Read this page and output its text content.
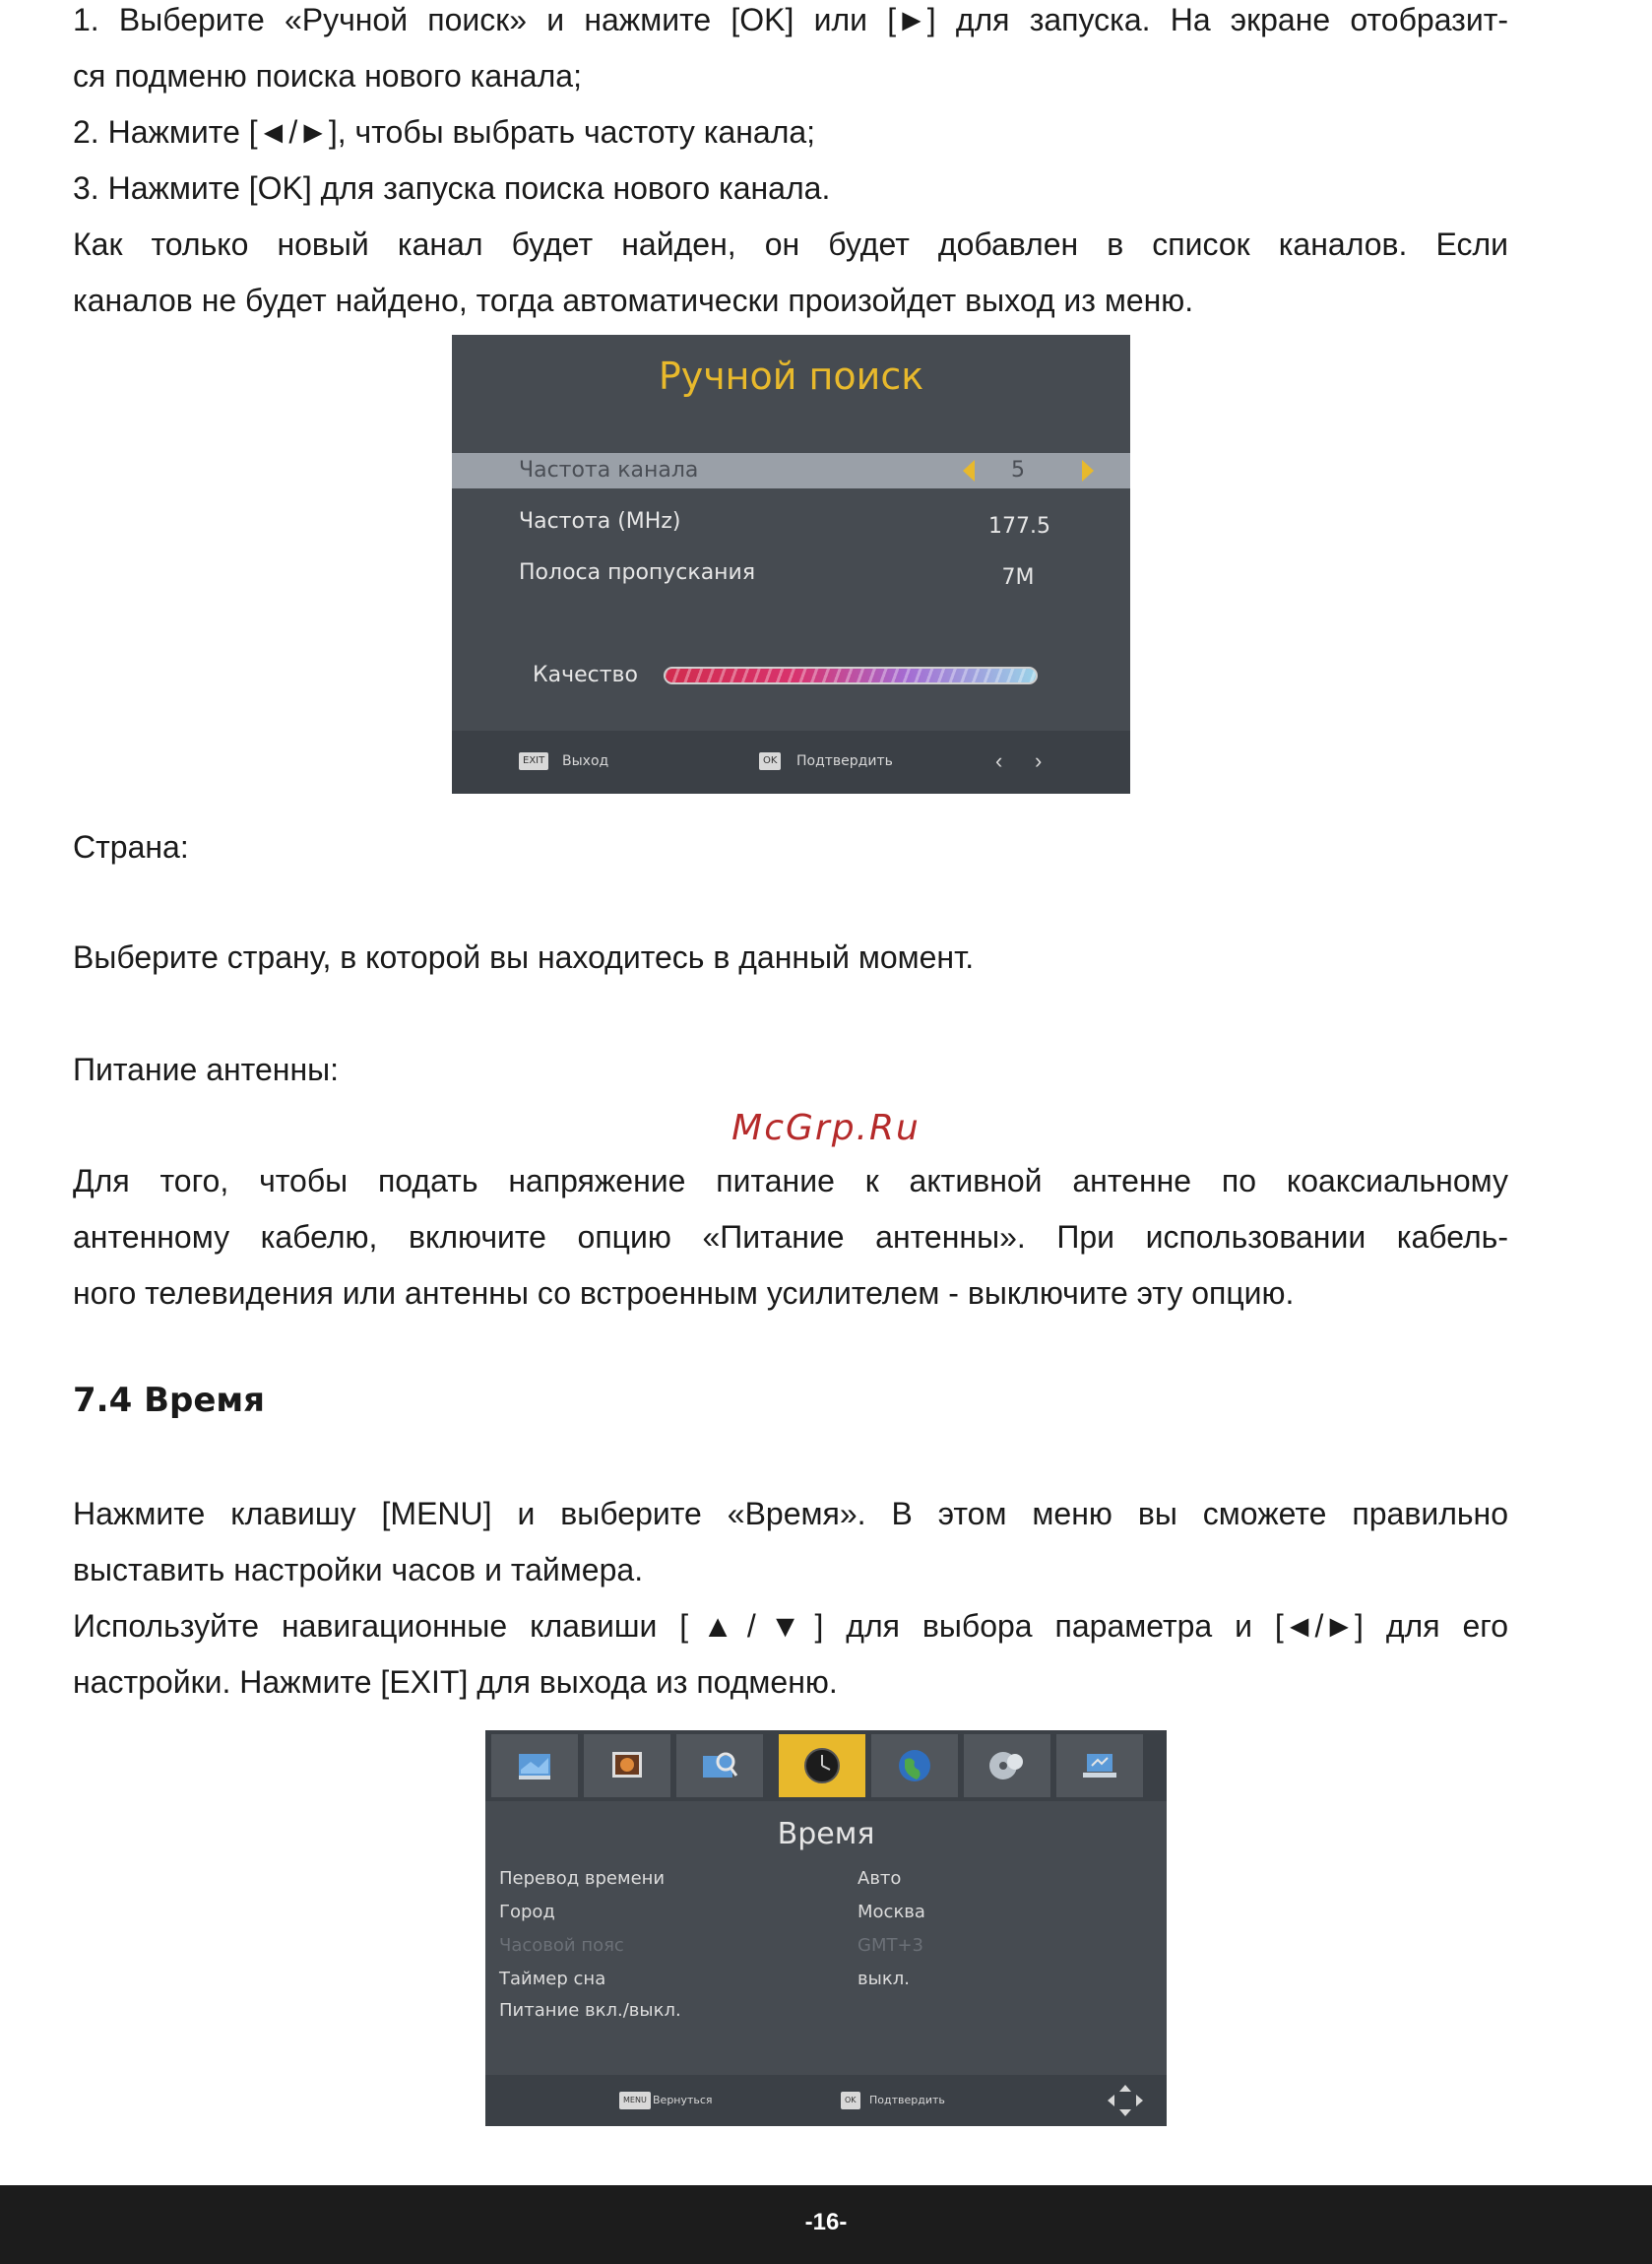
1. Выберите «Ручной поиск» и нажмите [OK] или [►] для запуска. На экране отобразит-
ся подменю поиска нового канала;
2. Нажмите [◄/►], чтобы выбрать частоту канала;
3. Нажмите [OK] для запуска поиска нового канала.
Как только новый канал будет найден, он будет добавлен в список каналов. Если
каналов не будет найдено, тогда автоматически произойдет выход из меню.
Ручной поиск
Частота канала	5
Частота (MHz)	177.5
Полоса пропускания	7M
Качество
EXIT Выход	OK Подтвердить	‹ ›
Страна:
Выберите страну, в которой вы находитесь в данный момент.
Питание антенны:
McGrp.Ru
Для того, чтобы подать напряжение питание к активной антенне по коаксиальному
антенному кабелю, включите опцию «Питание антенны». При использовании кабель-
ного телевидения или антенны со встроенным усилителем - выключите эту опцию.
7.4 Время
Нажмите клавишу [MENU] и выберите «Время». В этом меню вы сможете правильно
выставить настройки часов и таймера.
Используйте навигационные клавиши [▲/▼] для выбора параметра и [◄/►] для его
настройки. Нажмите [EXIT] для выхода из подменю.
Время
Перевод времени	Авто
Город	Москва
Часовой пояс	GMT+3
Таймер сна	выкл.
Питание вкл./выкл.
MENU Вернуться	OK	Подтвердить
-16-
